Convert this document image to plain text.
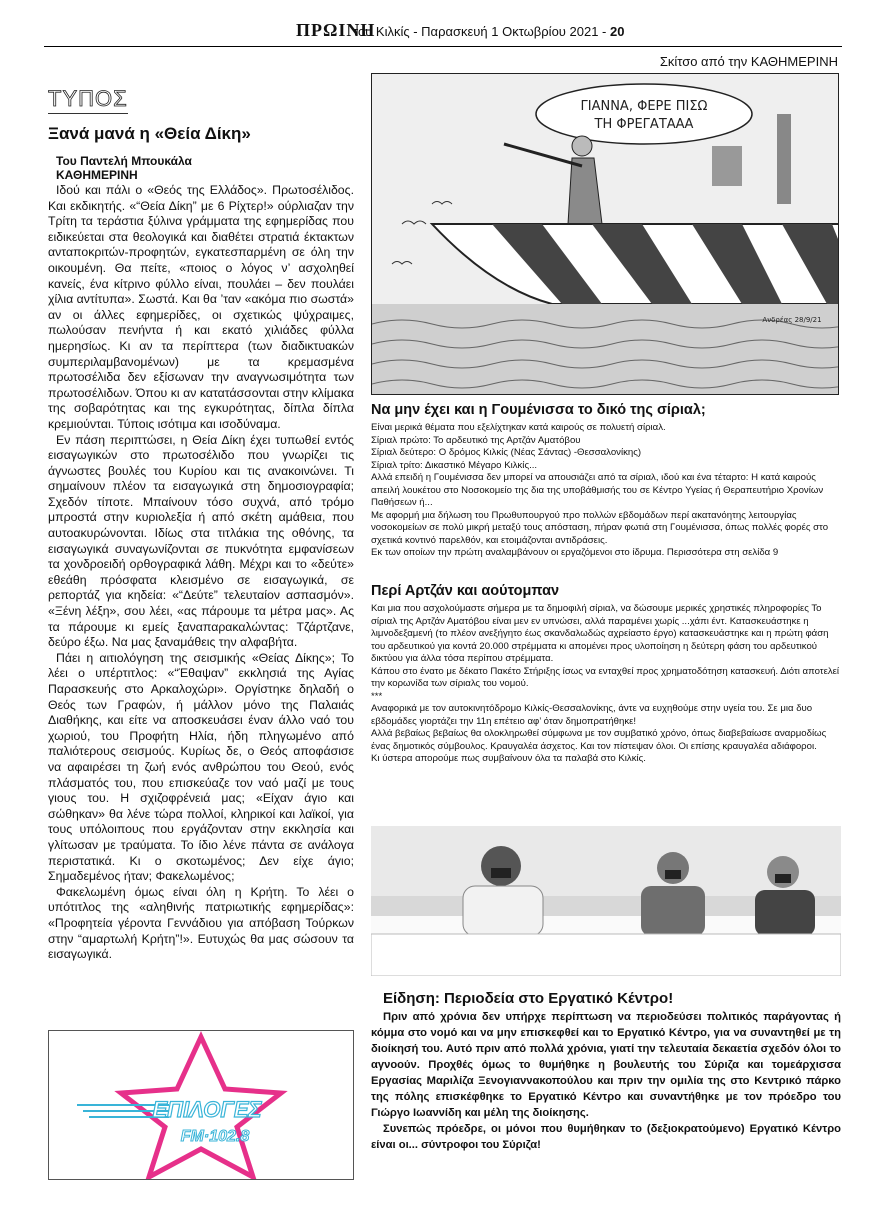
ΠΡΩΙΝΗ
του Κιλκίς - Παρασκευή 1 Οκτωβρίου 2021 - 20
Σκίτσο από την ΚΑΘΗΜΕΡΙΝΗ
ΤΥΠΟΣ
Ξανά μανά η «Θεία Δίκη»
Του Παντελή Μπουκάλα
ΚΑΘΗΜΕΡΙΝΗ

Ιδού και πάλι ο «Θεός της Ελλάδος». Πρωτοσέλιδος. Και εκδικητής. «“Θεία Δίκη” με 6 Ρίχτερ!» ούρλιαζαν την Τρίτη τα τεράστια ξύλινα γράμματα της εφημερίδας που ειδικεύεται στα θεολογικά και διαθέτει στρατιά έκτακτων ανταποκριτών-προφητών, εγκατεσπαρμένη σε όλη την οικουμένη. Θα πείτε, «ποιος ο λόγος ν’ ασχοληθεί κανείς, ένα κίτρινο φύλλο είναι, πουλάει – δεν πουλάει χίλια αντίτυπα». Σωστά. Και θα ’ταν «ακόμα πιο σωστά» αν οι άλλες εφημερίδες, οι σχετικώς ψύχραιμες, πωλούσαν πενήντα ή και εκατό χιλιάδες φύλλα ημερησίως. Κι αν τα περίπτερα (των διαδικτυακών συμπεριλαμβανομένων) με τα κρεμασμένα πρωτοσέλιδα δεν εξίσωναν την αναγνωσιμότητα των πρωτοσέλιδων. Όπου κι αν κατατάσσονται στην κλίμακα της σοβαρότητας και της εγκυρότητας, δίπλα δίπλα κρεμιούνται. Τύποις ισότιμα και ισοδύναμα.

Εν πάση περιπτώσει, η Θεία Δίκη έχει τυπωθεί εντός εισαγωγικών στο πρωτοσέλιδο που γνωρίζει τις άγνωστες βουλές του Κυρίου και τις ανακοινώνει. Τι σημαίνουν πλέον τα εισαγωγικά στη δημοσιογραφία; Σχεδόν τίποτε. Μπαίνουν τόσο συχνά, από τρόμο μπροστά στην κυριολεξία ή από σκέτη αμάθεια, που αυτοακυρώνονται. Ιδίως στα τιτλάκια της οθόνης, τα εισαγωγικά συναγωνίζονται σε πυκνότητα εμφανίσεων τα χονδροειδή ορθογραφικά λάθη. Μέχρι και το «δεύτε» εθεάθη πρόσφατα κλεισμένο σε εισαγωγικά, σε ρεπορτάζ για κηδεία: «“Δεύτε” τελευταίον ασπασμόν». «Ξένη λέξη», σου λέει, «ας πάρουμε τα μέτρα μας». Ας τα πάρουμε κι εμείς ξαναπαρακαλώντας: Τζάρτζανε, δεύρο έξω. Να μας ξαναμάθεις την αλφαβήτα.

Πάει η αιτιολόγηση της σεισμικής «Θείας Δίκης»; Το λέει ο υπέρτιτλος: «“Έθαψαν” εκκλησιά της Αγίας Παρασκευής στο Αρκαλοχώρι». Οργίστηκε δηλαδή ο Θεός των Γραφών, ή μάλλον μόνο της Παλαιάς Διαθήκης, και είτε να αποσκευάσει έναν άλλο ναό του χωριού, του Προφήτη Ηλία, ήδη πληγωμένο από παλιότερους σεισμούς. Κυρίως δε, ο Θεός αποφάσισε να αφαιρέσει τη ζωή ενός ανθρώπου του Θεού, ενός πλάσματός του, που επισκεύαζε τον ναό μαζί με τους γιους του. Η σχιζοφρένειά μας; «Είχαν άγιο και σώθηκαν» θα λένε τώρα πολλοί, κληρικοί και λαϊκοί, για τους υπόλοιπους που εργάζονταν στην εκκλησία και γλίτωσαν με τραύματα. Το ίδιο λένε πάντα σε ανάλογα περιστατικά. Κι ο σκοτωμένος; Δεν είχε άγιο; Σημαδεμένος ήταν; Φακελωμένος;

Φακελωμένη όμως είναι όλη η Κρήτη. Το λέει ο υπότιτλος της «αληθινής πατριωτικής εφημερίδας»: «Προφητεία γέροντα Γεννάδιου για απόβαση Τούρκων στην “αμαρτωλή Κρήτη”!». Ευτυχώς θα μας σώσουν τα εισαγωγικά.

ΕΠΙΛΟΓΕΣ
FM·102.8
ΓΙΑΝΝΑ, ΦΕΡΕ ΠΙΣΩ
ΤΗ ΦΡΕΓΑΤΑΑΑ
Ανδρέας 28/9/21
Να μην έχει και η Γουμένισσα το δικό της σίριαλ;

Είναι μερικά θέματα που εξελίχτηκαν κατά καιρούς σε πολυετή σίριαλ.

Σίριαλ πρώτο: Το αρδευτικό της Αρτζάν Αματόβου

Σίριαλ δεύτερο: Ο δρόμος Κιλκίς (Νέας Σάντας) -Θεσσαλονίκης)

Σίριαλ τρίτο: Δικαστικό Μέγαρο Κιλκίς...

Αλλά επειδή η Γουμένισσα δεν μπορεί να απουσιάζει από τα σίριαλ, ιδού και ένα τέταρτο: Η κατά καιρούς απειλή λουκέτου στο Νοσοκομείο της δια της υποβάθμισής του σε Κέντρο Υγείας ή Θεραπευτήριο Χρονίων Παθήσεων ή...

Με αφορμή μια δήλωση του Πρωθυπουργού προ πολλών εβδομάδων περί ακατανόητης λειτουργίας νοσοκομείων σε πολύ μικρή μεταξύ τους απόσταση, πήραν φωτιά στη Γουμένισσα, όπως πολλές φορές στο σχετικά κοντινό παρελθόν, και ετοιμάζονται αντιδράσεις.

Εκ των οποίων την πρώτη αναλαμβάνουν οι εργαζόμενοι στο ίδρυμα. Περισσότερα στη σελίδα 9

Περί Αρτζάν και αούτομπαν

Και μια που ασχολούμαστε σήμερα με τα δημοφιλή σίριαλ, να δώσουμε μερικές χρηστικές πληροφορίες Το σίριαλ της Αρτζάν Αματόβου είναι μεν εν υπνώσει, αλλά παραμένει χωρίς ...χάπι έντ. Κατασκευάστηκε η λιμνοδεξαμενή (το πλέον ανεξήγητο έως σκανδαλωδώς αχρείαστο έργο) κατασκευάστηκε και η πρώτη φάση του αρδευτικού για κοντά 20.000 στρέμματα κι απομένει προς υλοποίηση η δεύτερη φάση του αρδευτικού δικτύου για άλλα τόσα περίπου στρέμματα.

Κάπου στο ένατο με δέκατο Πακέτο Στήριξης ίσως να ενταχθεί προς χρηματοδότηση κατασκευή. Διότι αποτελεί την κορωνίδα των σίριαλς του νομού.

***

Αναφορικά με τον αυτοκινητόδρομο Κιλκίς-Θεσσαλονίκης, άντε να ευχηθούμε στην υγεία του. Σε μια δυο εβδομάδες γιορτάζει την 11η επέτειο αφ’ όταν δημοπρατήθηκε!

Αλλά βεβαίως βεβαίως θα ολοκληρωθεί σύμφωνα με τον συμβατικό χρόνο, όπως διαβεβαίωσε αναρμοδίως ένας δημοτικός σύμβουλος. Κραυγαλέα άσχετος. Και τον πίστεψαν όλοι. Οι επίσης κραυγαλέα αδιάφοροι.

Κι ύστερα απορούμε πως συμβαίνουν όλα τα παλαβά στο Κιλκίς.

Είδηση: Περιοδεία στο Εργατικό Κέντρο!

Πριν από χρόνια δεν υπήρχε περίπτωση να περιοδεύσει πολιτικός παράγοντας ή κόμμα στο νομό και να μην επισκεφθεί και το Εργατικό Κέντρο, για να συναντηθεί με τη διοίκησή του. Αυτό πριν από πολλά χρόνια, γιατί την τελευταία δεκαετία σχεδόν όλοι το αγνοούν. Προχθές όμως το θυμήθηκε η βουλευτής του Σύριζα και τομεάρχισσα Εργασίας Μαριλίζα Ξενογιαννακοπούλου και πριν την ομιλία της στο Κεντρικό πάρκο της πόλης επισκέφθηκε το Εργατικό Κέντρο και συναντήθηκε με τον πρόεδρο του Γιώργο Ιωαννίδη και μέλη της διοίκησης.

Συνεπώς πρόεδρε, οι μόνοι που θυμήθηκαν το (δεξιοκρατούμενο) Εργατικό Κέντρο είναι οι... σύντροφοι του Σύριζα!
